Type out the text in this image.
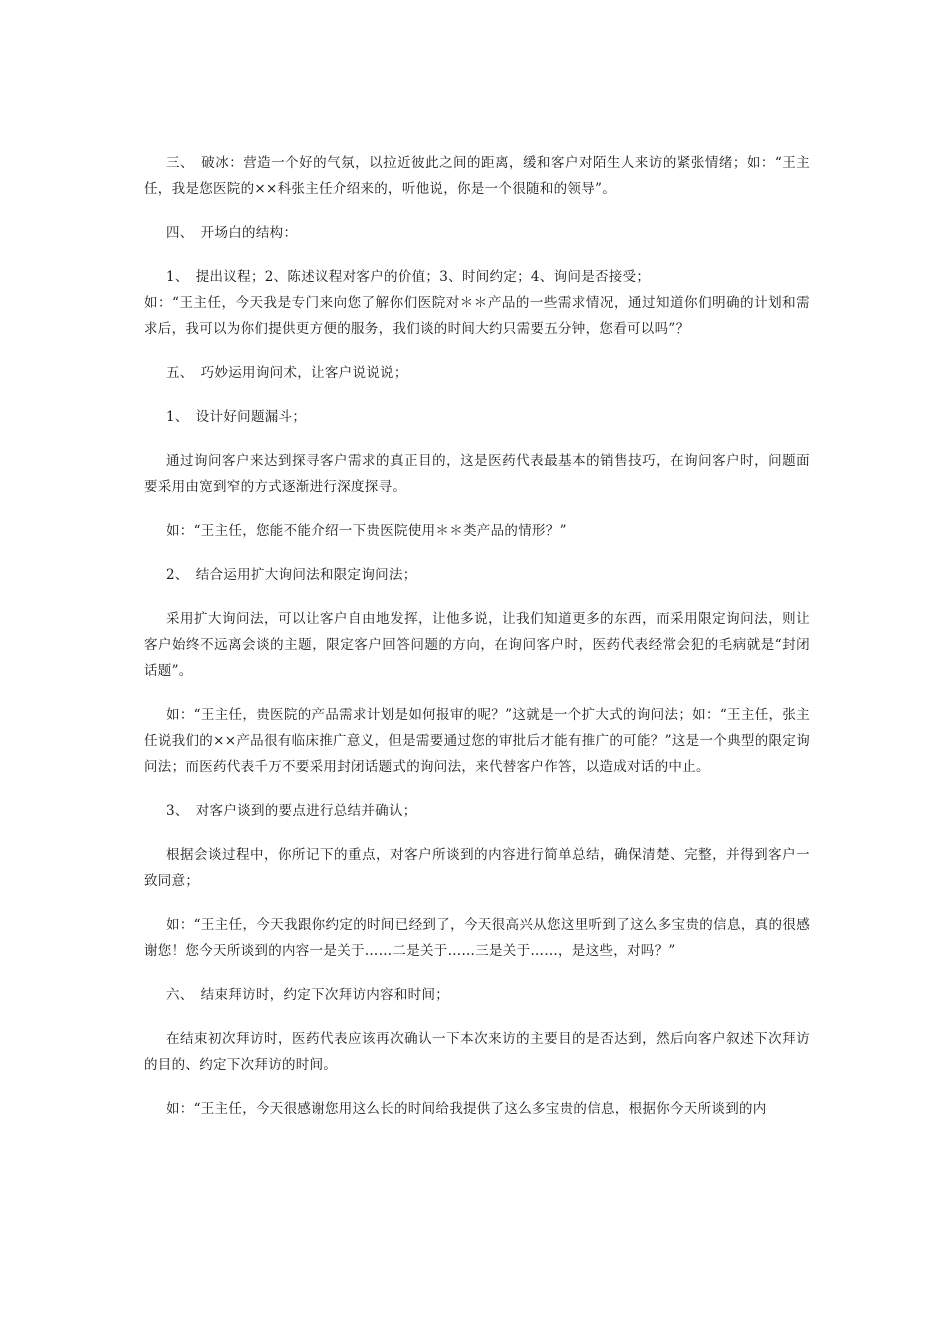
三、　破冰：营造一个好的气氛，以拉近彼此之间的距离，缓和客户对陌生人来访的紧张情绪；如：“王主任，我是您医院的××科张主任介绍来的，听他说，你是一个很随和的领导”。

四、　开场白的结构：

1、　提出议程；2、陈述议程对客户的价值；3、时间约定；4、询问是否接受；

如：“王主任，今天我是专门来向您了解你们医院对＊＊产品的一些需求情况，通过知道你们明确的计划和需求后，我可以为你们提供更方便的服务，我们谈的时间大约只需要五分钟，您看可以吗”？

五、　巧妙运用询问术，让客户说说说；

1、　设计好问题漏斗；

通过询问客户来达到探寻客户需求的真正目的，这是医药代表最基本的销售技巧，在询问客户时，问题面要采用由宽到窄的方式逐渐进行深度探寻。

如：“王主任，您能不能介绍一下贵医院使用＊＊类产品的情形？”

2、　结合运用扩大询问法和限定询问法；

采用扩大询问法，可以让客户自由地发挥，让他多说，让我们知道更多的东西，而采用限定询问法，则让客户始终不远离会谈的主题，限定客户回答问题的方向，在询问客户时，医药代表经常会犯的毛病就是“封闭话题”。

如：“王主任，贵医院的产品需求计划是如何报审的呢？”这就是一个扩大式的询问法；如：“王主任，张主任说我们的××产品很有临床推广意义，但是需要通过您的审批后才能有推广的可能？”这是一个典型的限定询问法；而医药代表千万不要采用封闭话题式的询问法，来代替客户作答，以造成对话的中止。

3、　对客户谈到的要点进行总结并确认；

根据会谈过程中，你所记下的重点，对客户所谈到的内容进行简单总结，确保清楚、完整，并得到客户一致同意；

如：“王主任，今天我跟你约定的时间已经到了，今天很高兴从您这里听到了这么多宝贵的信息，真的很感谢您！您今天所谈到的内容一是关于……二是关于……三是关于……，是这些，对吗？”

六、　结束拜访时，约定下次拜访内容和时间；

在结束初次拜访时，医药代表应该再次确认一下本次来访的主要目的是否达到，然后向客户叙述下次拜访的目的、约定下次拜访的时间。

如：“王主任，今天很感谢您用这么长的时间给我提供了这么多宝贵的信息，根据你今天所谈到的内
